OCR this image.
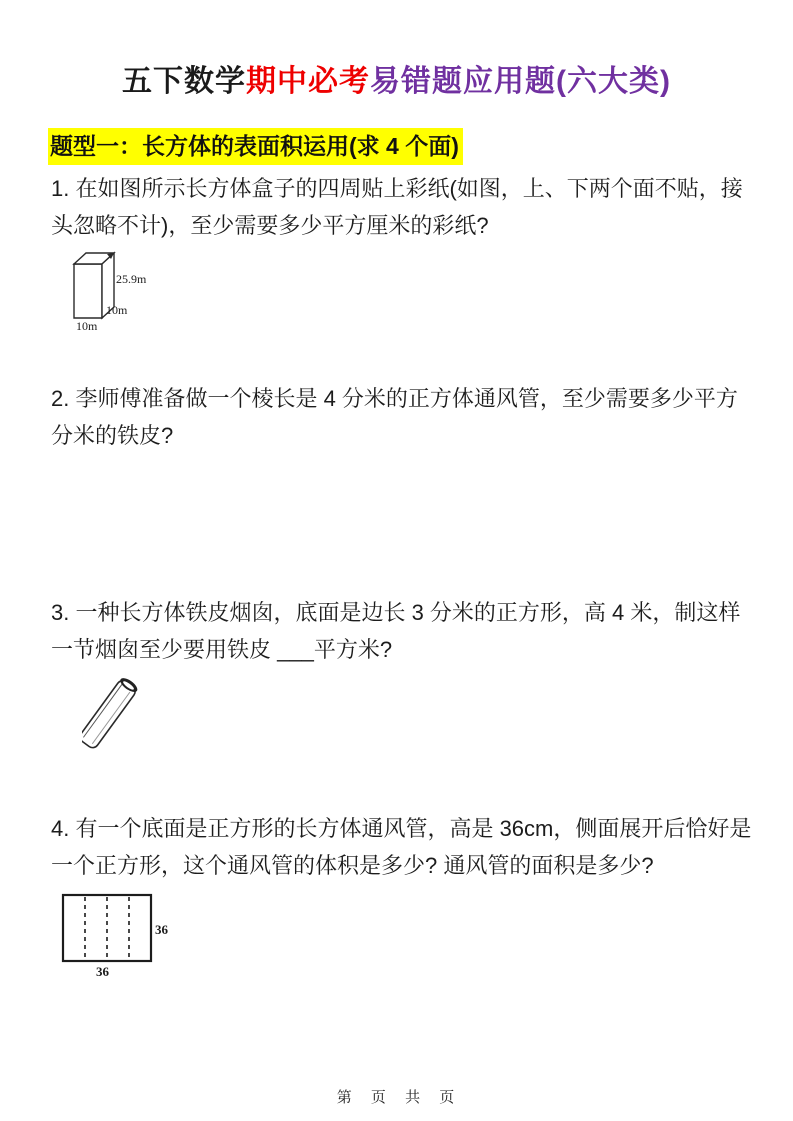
五下数学期中必考易错题应用题(六大类)
题型一：长方体的表面积运用(求 4 个面)

1. 在如图所示长方体盒子的四周贴上彩纸(如图，上、下两个面不贴，接
头忽略不计)，至少需要多少平方厘米的彩纸?

25.9m
10m
10m

2. 李师傅准备做一个棱长是 4 分米的正方体通风管，至少需要多少平方
分米的铁皮?

3. 一种长方体铁皮烟囱，底面是边长 3 分米的正方形，高 4 米，制这样
一节烟囱至少要用铁皮 ___平方米?

4. 有一个底面是正方形的长方体通风管，高是 36cm，侧面展开后恰好是
一个正方形，这个通风管的体积是多少? 通风管的面积是多少?

36
36
第 页 共 页
